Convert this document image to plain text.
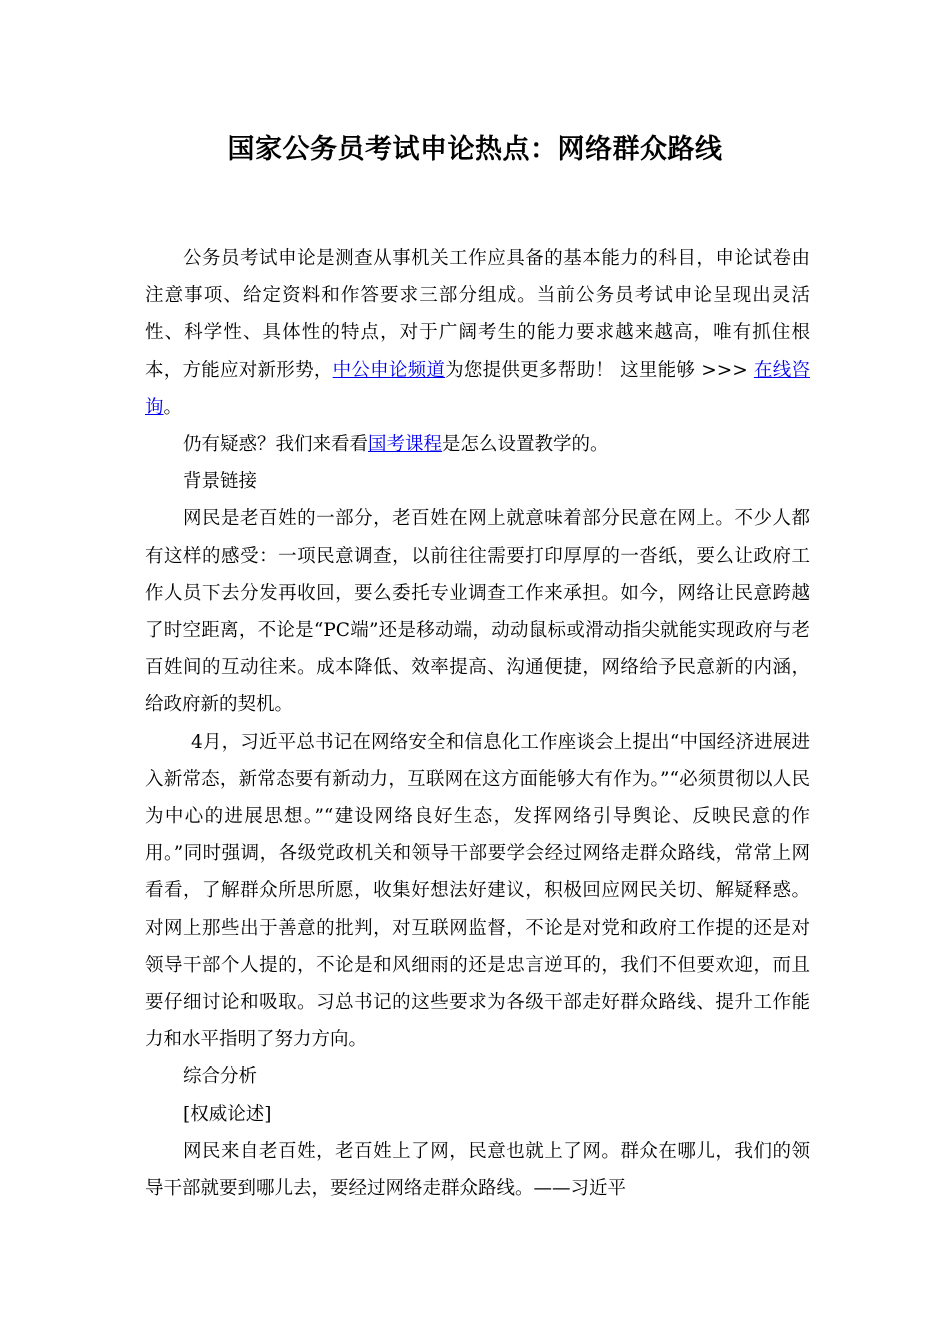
国家公务员考试申论热点：网络群众路线

公务员考试申论是测查从事机关工作应具备的基本能力的科目，申论试卷由注意事项、给定资料和作答要求三部分组成。当前公务员考试申论呈现出灵活性、科学性、具体性的特点，对于广阔考生的能力要求越来越高，唯有抓住根本，方能应对新形势，中公申论频道为您提供更多帮助！ 这里能够 >>> 在线咨询。

仍有疑惑？我们来看看国考课程是怎么设置教学的。

背景链接

网民是老百姓的一部分，老百姓在网上就意味着部分民意在网上。不少人都有这样的感受：一项民意调查，以前往往需要打印厚厚的一沓纸，要么让政府工作人员下去分发再收回，要么委托专业调查工作来承担。如今，网络让民意跨越了时空距离，不论是“PC端”还是移动端，动动鼠标或滑动指尖就能实现政府与老百姓间的互动往来。成本降低、效率提高、沟通便捷，网络给予民意新的内涵，给政府新的契机。

4月，习近平总书记在网络安全和信息化工作座谈会上提出“中国经济进展进入新常态，新常态要有新动力，互联网在这方面能够大有作为。”“必须贯彻以人民为中心的进展思想。”“建设网络良好生态，发挥网络引导舆论、反映民意的作用。”同时强调，各级党政机关和领导干部要学会经过网络走群众路线，常常上网看看，了解群众所思所愿，收集好想法好建议，积极回应网民关切、解疑释惑。对网上那些出于善意的批判，对互联网监督，不论是对党和政府工作提的还是对领导干部个人提的，不论是和风细雨的还是忠言逆耳的，我们不但要欢迎，而且要仔细讨论和吸取。习总书记的这些要求为各级干部走好群众路线、提升工作能力和水平指明了努力方向。

综合分析

[权威论述]

网民来自老百姓，老百姓上了网，民意也就上了网。群众在哪儿，我们的领导干部就要到哪儿去，要经过网络走群众路线。——习近平
